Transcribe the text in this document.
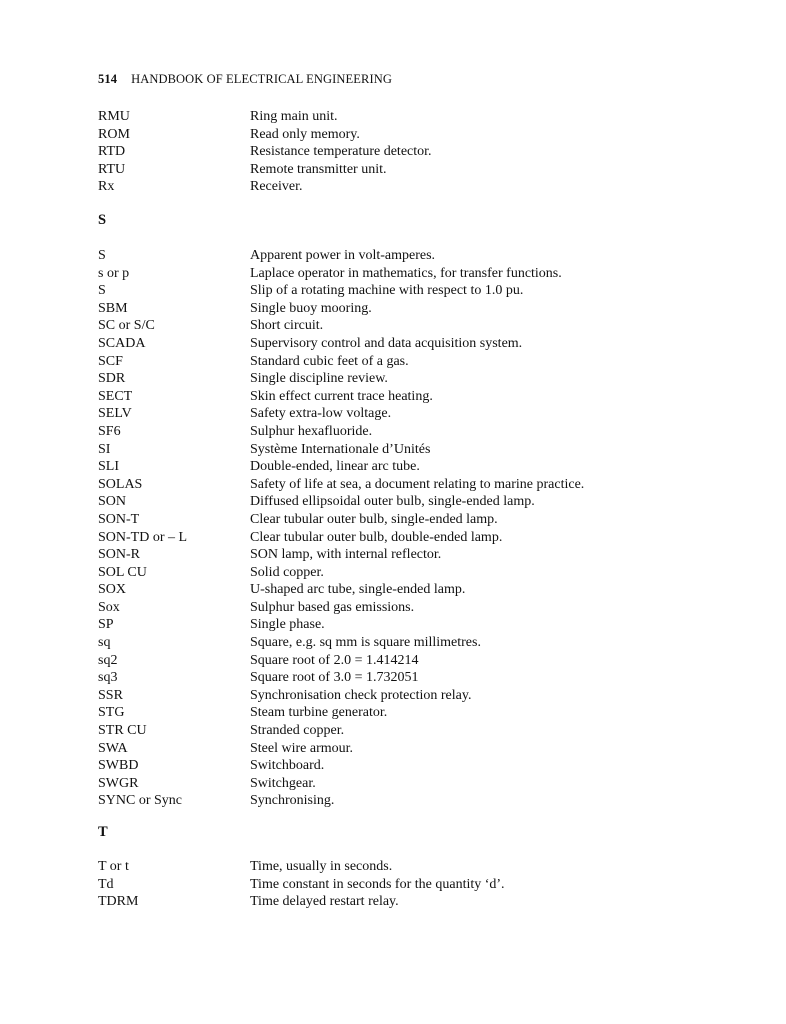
514 HANDBOOK OF ELECTRICAL ENGINEERING
RMU	Ring main unit.
ROM	Read only memory.
RTD	Resistance temperature detector.
RTU	Remote transmitter unit.
Rx	Receiver.
S
S	Apparent power in volt-amperes.
s or p	Laplace operator in mathematics, for transfer functions.
S	Slip of a rotating machine with respect to 1.0 pu.
SBM	Single buoy mooring.
SC or S/C	Short circuit.
SCADA	Supervisory control and data acquisition system.
SCF	Standard cubic feet of a gas.
SDR	Single discipline review.
SECT	Skin effect current trace heating.
SELV	Safety extra-low voltage.
SF6	Sulphur hexafluoride.
SI	Système Internationale d’Unités
SLI	Double-ended, linear arc tube.
SOLAS	Safety of life at sea, a document relating to marine practice.
SON	Diffused ellipsoidal outer bulb, single-ended lamp.
SON-T	Clear tubular outer bulb, single-ended lamp.
SON-TD or – L	Clear tubular outer bulb, double-ended lamp.
SON-R	SON lamp, with internal reflector.
SOL CU	Solid copper.
SOX	U-shaped arc tube, single-ended lamp.
Sox	Sulphur based gas emissions.
SP	Single phase.
sq	Square, e.g. sq mm is square millimetres.
sq2	Square root of 2.0 = 1.414214
sq3	Square root of 3.0 = 1.732051
SSR	Synchronisation check protection relay.
STG	Steam turbine generator.
STR CU	Stranded copper.
SWA	Steel wire armour.
SWBD	Switchboard.
SWGR	Switchgear.
SYNC or Sync	Synchronising.
T
T or t	Time, usually in seconds.
Td	Time constant in seconds for the quantity ‘d’.
TDRM	Time delayed restart relay.
